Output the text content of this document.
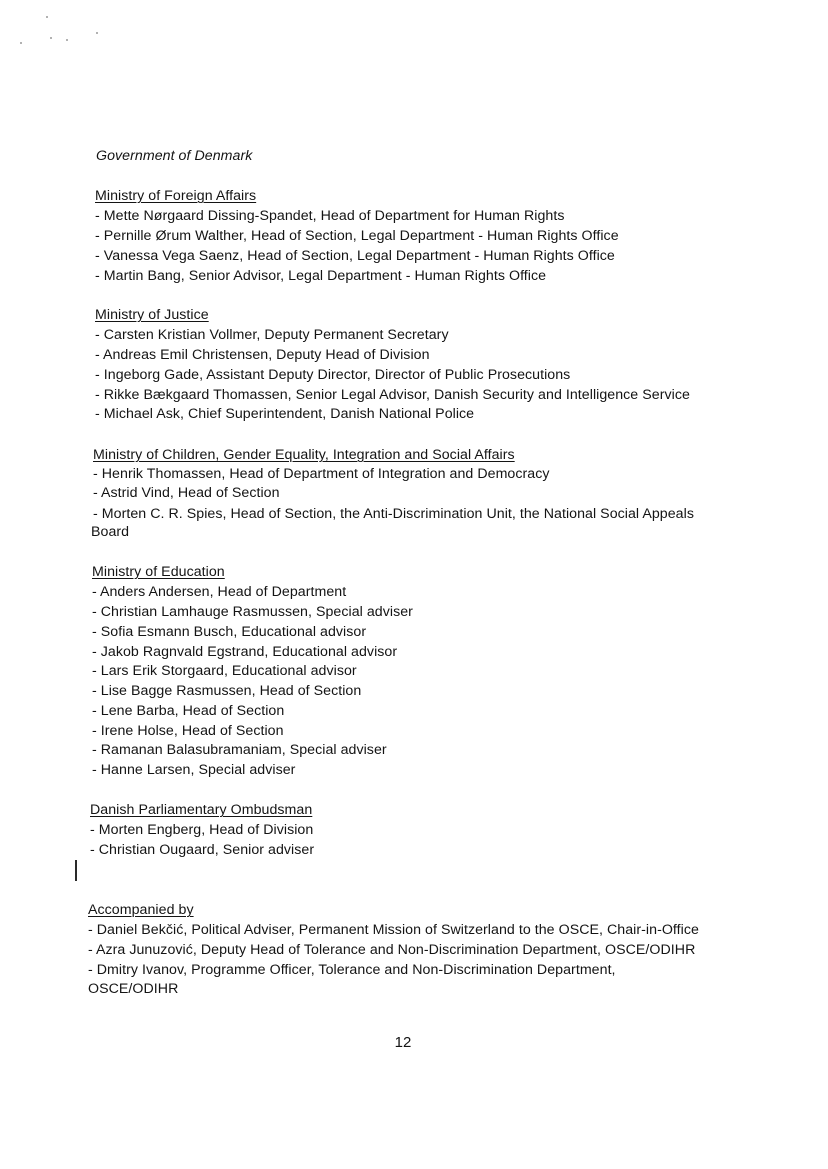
Government of Denmark
Ministry of Foreign Affairs
- Mette Nørgaard Dissing-Spandet, Head of Department for Human Rights
- Pernille Ørum Walther, Head of Section, Legal Department - Human Rights Office
- Vanessa Vega Saenz, Head of Section, Legal Department - Human Rights Office
- Martin Bang, Senior Advisor, Legal Department - Human Rights Office
Ministry of Justice
- Carsten Kristian Vollmer, Deputy Permanent Secretary
- Andreas Emil Christensen, Deputy Head of Division
- Ingeborg Gade, Assistant Deputy Director, Director of Public Prosecutions
- Rikke Bækgaard Thomassen, Senior Legal Advisor, Danish Security and Intelligence Service
- Michael Ask, Chief Superintendent, Danish National Police
Ministry of Children, Gender Equality, Integration and Social Affairs
- Henrik Thomassen, Head of Department of Integration and Democracy
- Astrid Vind, Head of Section
- Morten C. R. Spies, Head of Section, the Anti-Discrimination Unit, the National Social Appeals
Board
Ministry of Education
- Anders Andersen, Head of Department
- Christian Lamhauge Rasmussen, Special adviser
- Sofia Esmann Busch, Educational advisor
- Jakob Ragnvald Egstrand, Educational advisor
- Lars Erik Storgaard, Educational advisor
- Lise Bagge Rasmussen, Head of Section
- Lene Barba, Head of Section
- Irene Holse, Head of Section
- Ramanan Balasubramaniam, Special adviser
- Hanne Larsen, Special adviser
Danish Parliamentary Ombudsman
- Morten Engberg, Head of Division
- Christian Ougaard, Senior adviser
Accompanied by
- Daniel Bekčić, Political Adviser, Permanent Mission of Switzerland to the OSCE, Chair-in-Office
- Azra Junuzović, Deputy Head of Tolerance and Non-Discrimination Department, OSCE/ODIHR
- Dmitry Ivanov, Programme Officer, Tolerance and Non-Discrimination Department,
OSCE/ODIHR
12
